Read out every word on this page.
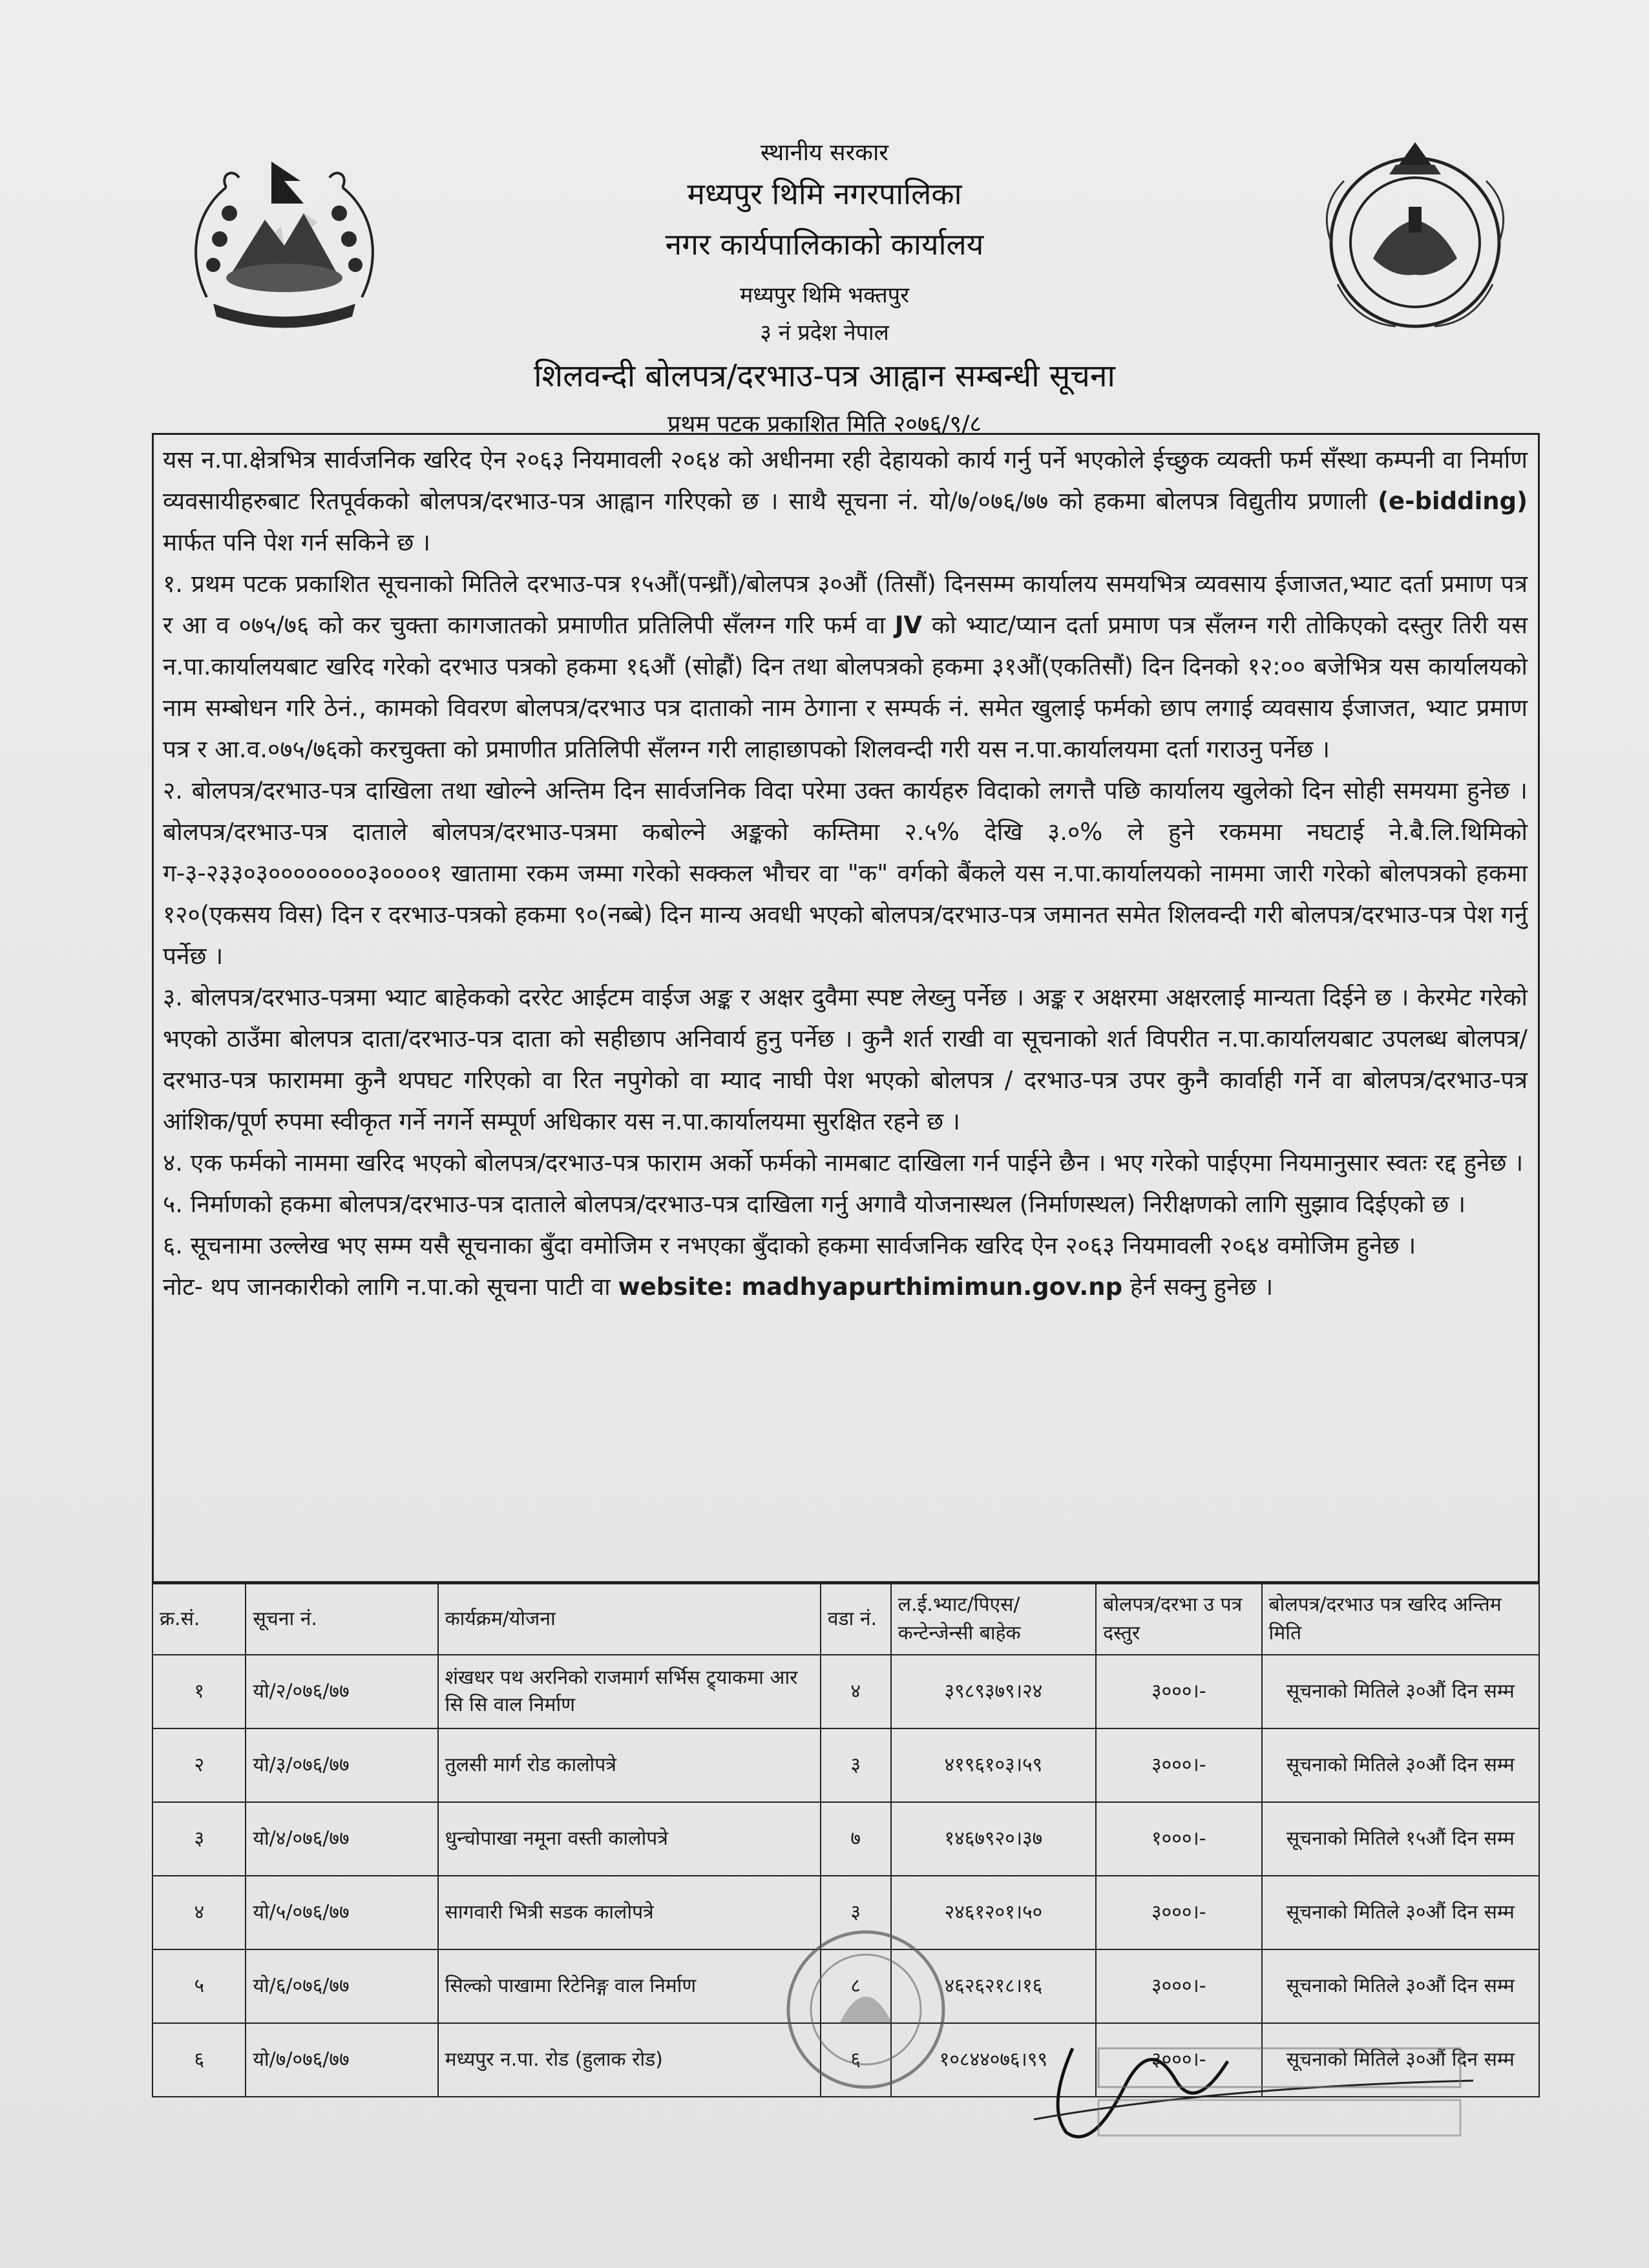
स्थानीय सरकार
मध्यपुर थिमि नगरपालिका
नगर कार्यपालिकाको कार्यालय
मध्यपुर थिमि भक्तपुर
३ नं प्रदेश नेपाल
शिलवन्दी बोलपत्र/दरभाउ-पत्र आह्वान सम्बन्धी सूचना
प्रथम पटक प्रकाशित मिति २०७६/९/८

यस न.पा.क्षेत्रभित्र सार्वजनिक खरिद ऐन २०६३ नियमावली २०६४ को अधीनमा रही देहायको कार्य गर्नु पर्ने भएकोले ईच्छुक व्यक्ती फर्म सँस्था कम्पनी वा निर्माण व्यवसायीहरुबाट रितपूर्वकको बोलपत्र/दरभाउ-पत्र आह्वान गरिएको छ । साथै सूचना नं. यो/७/०७६/७७ को हकमा बोलपत्र विद्युतीय प्रणाली (e-bidding) मार्फत पनि पेश गर्न सकिने छ ।

१. प्रथम पटक प्रकाशित सूचनाको मितिले दरभाउ-पत्र १५औं(पन्ध्रौं)/बोलपत्र ३०औं (तिसौं) दिनसम्म कार्यालय समयभित्र व्यवसाय ईजाजत,भ्याट दर्ता प्रमाण पत्र र आ व ०७५/७६ को कर चुक्ता कागजातको प्रमाणीत प्रतिलिपी सँलग्न गरि फर्म वा JV को भ्याट/प्यान दर्ता प्रमाण पत्र सँलग्न गरी तोकिएको दस्तुर तिरी यस न.पा.कार्यालयबाट खरिद गरेको दरभाउ पत्रको हकमा १६औं (सोह्रौं) दिन तथा बोलपत्रको हकमा ३१औं(एकतिसौं) दिन दिनको १२:०० बजेभित्र यस कार्यालयको नाम सम्बोधन गरि ठेनं., कामको विवरण बोलपत्र/दरभाउ पत्र दाताको नाम ठेगाना र सम्पर्क नं. समेत खुलाई फर्मको छाप लगाई व्यवसाय ईजाजत, भ्याट प्रमाण पत्र र आ.व.०७५/७६को करचुक्ता को प्रमाणीत प्रतिलिपी सँलग्न गरी लाहाछापको शिलवन्दी गरी यस न.पा.कार्यालयमा दर्ता गराउनु पर्नेछ ।

२. बोलपत्र/दरभाउ-पत्र दाखिला तथा खोल्ने अन्तिम दिन सार्वजनिक विदा परेमा उक्त कार्यहरु विदाको लगत्तै पछि कार्यालय खुलेको दिन सोही समयमा हुनेछ । बोलपत्र/दरभाउ-पत्र दाताले बोलपत्र/दरभाउ-पत्रमा कबोल्ने अङ्कको कम्तिमा २.५% देखि ३.०% ले हुने रकममा नघटाई ने.बै.लि.थिमिको ग-३-२३३०३००००००००३००००१ खातामा रकम जम्मा गरेको सक्कल भौचर वा "क" वर्गको बैंकले यस न.पा.कार्यालयको नाममा जारी गरेको बोलपत्रको हकमा १२०(एकसय विस) दिन र दरभाउ-पत्रको हकमा ९०(नब्बे) दिन मान्य अवधी भएको बोलपत्र/दरभाउ-पत्र जमानत समेत शिलवन्दी गरी बोलपत्र/दरभाउ-पत्र पेश गर्नु पर्नेछ ।

३. बोलपत्र/दरभाउ-पत्रमा भ्याट बाहेकको दररेट आईटम वाईज अङ्क र अक्षर दुवैमा स्पष्ट लेख्नु पर्नेछ । अङ्क र अक्षरमा अक्षरलाई मान्यता दिईने छ । केरमेट गरेको भएको ठाउँमा बोलपत्र दाता/दरभाउ-पत्र दाता को सहीछाप अनिवार्य हुनु पर्नेछ । कुनै शर्त राखी वा सूचनाको शर्त विपरीत न.पा.कार्यालयबाट उपलब्ध बोलपत्र/दरभाउ-पत्र फाराममा कुनै थपघट गरिएको वा रित नपुगेको वा म्याद नाघी पेश भएको बोलपत्र / दरभाउ-पत्र उपर कुनै कार्वाही गर्ने वा बोलपत्र/दरभाउ-पत्र आंशिक/पूर्ण रुपमा स्वीकृत गर्ने नगर्ने सम्पूर्ण अधिकार यस न.पा.कार्यालयमा सुरक्षित रहने छ ।

४. एक फर्मको नाममा खरिद भएको बोलपत्र/दरभाउ-पत्र फाराम अर्को फर्मको नामबाट दाखिला गर्न पाईने छैन । भए गरेको पाईएमा नियमानुसार स्वतः रद्द हुनेछ ।

५. निर्माणको हकमा बोलपत्र/दरभाउ-पत्र दाताले बोलपत्र/दरभाउ-पत्र दाखिला गर्नु अगावै योजनास्थल (निर्माणस्थल) निरीक्षणको लागि सुझाव दिईएको छ ।

६. सूचनामा उल्लेख भए सम्म यसै सूचनाका बुँदा वमोजिम र नभएका बुँदाको हकमा सार्वजनिक खरिद ऐन २०६३ नियमावली २०६४ वमोजिम हुनेछ ।

नोट- थप जानकारीको लागि न.पा.को सूचना पाटी वा website: madhyapurthimimun.gov.np हेर्न सक्नु हुनेछ ।

क्र.सं.	सूचना नं.	कार्यक्रम/योजना	वडा नं.	ल.ई.भ्याट/पिएस/ कन्टेन्जेन्सी बाहेक	बोलपत्र/दरभा उ पत्र दस्तुर	बोलपत्र/दरभाउ पत्र खरिद अन्तिम मिति
१	यो/२/०७६/७७	शंखधर पथ अरनिको राजमार्ग सर्भिस ट्र्याकमा आर सि सि वाल निर्माण	४	३९८९३७९।२४	३०००।-	सूचनाको मितिले ३०औं दिन सम्म
२	यो/३/०७६/७७	तुलसी मार्ग रोड कालोपत्रे	३	४१९६१०३।५९	३०००।-	सूचनाको मितिले ३०औं दिन सम्म
३	यो/४/०७६/७७	धुन्चोपाखा नमूना वस्ती कालोपत्रे	७	१४६७९२०।३७	१०००।-	सूचनाको मितिले १५औं दिन सम्म
४	यो/५/०७६/७७	सागवारी भित्री सडक कालोपत्रे	३	२४६१२०१।५०	३०००।-	सूचनाको मितिले ३०औं दिन सम्म
५	यो/६/०७६/७७	सिल्को पाखामा रिटेनिङ्ग वाल निर्माण	८	४६२६२१८।१६	३०००।-	सूचनाको मितिले ३०औं दिन सम्म
६	यो/७/०७६/७७	मध्यपुर न.पा. रोड (हुलाक रोड)	६	१०८४४०७६।९९	३०००।-	सूचनाको मितिले ३०औं दिन सम्म
